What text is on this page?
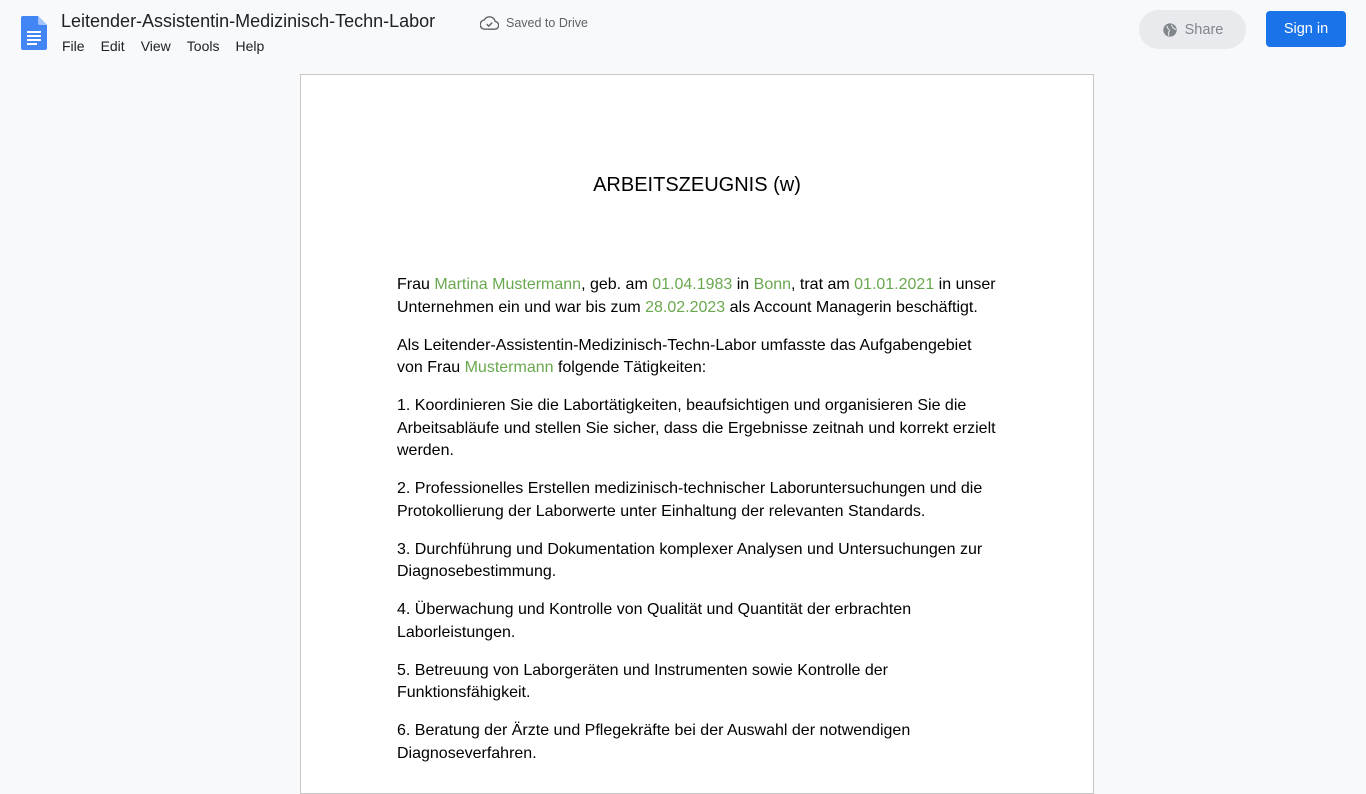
Leitender-Assistentin-Medizinisch-Techn-Labor	Saved to Drive
File	Edit	View	Tools	Help
Share	Sign in
ARBEITSZEUGNIS (w)

Frau Martina Mustermann, geb. am 01.04.1983 in Bonn, trat am 01.01.2021 in unser Unternehmen ein und war bis zum 28.02.2023 als Account Managerin beschäftigt.

Als Leitender-Assistentin-Medizinisch-Techn-Labor umfasste das Aufgabengebiet von Frau Mustermann folgende Tätigkeiten:

1. Koordinieren Sie die Labortätigkeiten, beaufsichtigen und organisieren Sie die Arbeitsabläufe und stellen Sie sicher, dass die Ergebnisse zeitnah und korrekt erzielt werden.

2. Professionelles Erstellen medizinisch-technischer Laboruntersuchungen und die Protokollierung der Laborwerte unter Einhaltung der relevanten Standards.

3. Durchführung und Dokumentation komplexer Analysen und Untersuchungen zur Diagnosebestimmung.

4. Überwachung und Kontrolle von Qualität und Quantität der erbrachten Laborleistungen.

5. Betreuung von Laborgeräten und Instrumenten sowie Kontrolle der Funktionsfähigkeit.

6. Beratung der Ärzte und Pflegekräfte bei der Auswahl der notwendigen Diagnoseverfahren.
